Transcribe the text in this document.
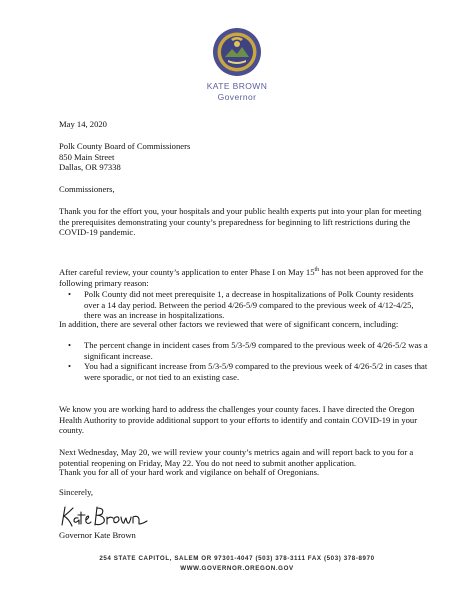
KATE BROWN
Governor

May 14, 2020

Polk County Board of Commissioners

850 Main Street

Dallas, OR 97338

Commissioners,

Thank you for the effort you, your hospitals and your public health experts put into your plan for meeting the prerequisites demonstrating your county’s preparedness for beginning to lift restrictions during the COVID-19 pandemic.

After careful review, your county’s application to enter Phase I on May 15th has not been approved for the following primary reason:

• Polk County did not meet prerequisite 1, a decrease in hospitalizations of Polk County residents over a 14 day period. Between the period 4/26-5/9 compared to the previous week of 4/12-4/25, there was an increase in hospitalizations.

In addition, there are several other factors we reviewed that were of significant concern, including:

• The percent change in incident cases from 5/3-5/9 compared to the previous week of 4/26-5/2 was a significant increase.
• You had a significant increase from 5/3-5/9 compared to the previous week of 4/26-5/2 in cases that were sporadic, or not tied to an existing case.

We know you are working hard to address the challenges your county faces. I have directed the Oregon Health Authority to provide additional support to your efforts to identify and contain COVID-19 in your county.

Next Wednesday, May 20, we will review your county’s metrics again and will report back to you for a potential reopening on Friday, May 22. You do not need to submit another application.

Thank you for all of your hard work and vigilance on behalf of Oregonians.

Sincerely,

Governor Kate Brown

254 STATE CAPITOL, SALEM OR 97301-4047 (503) 378-3111 FAX (503) 378-8970
WWW.GOVERNOR.OREGON.GOV
